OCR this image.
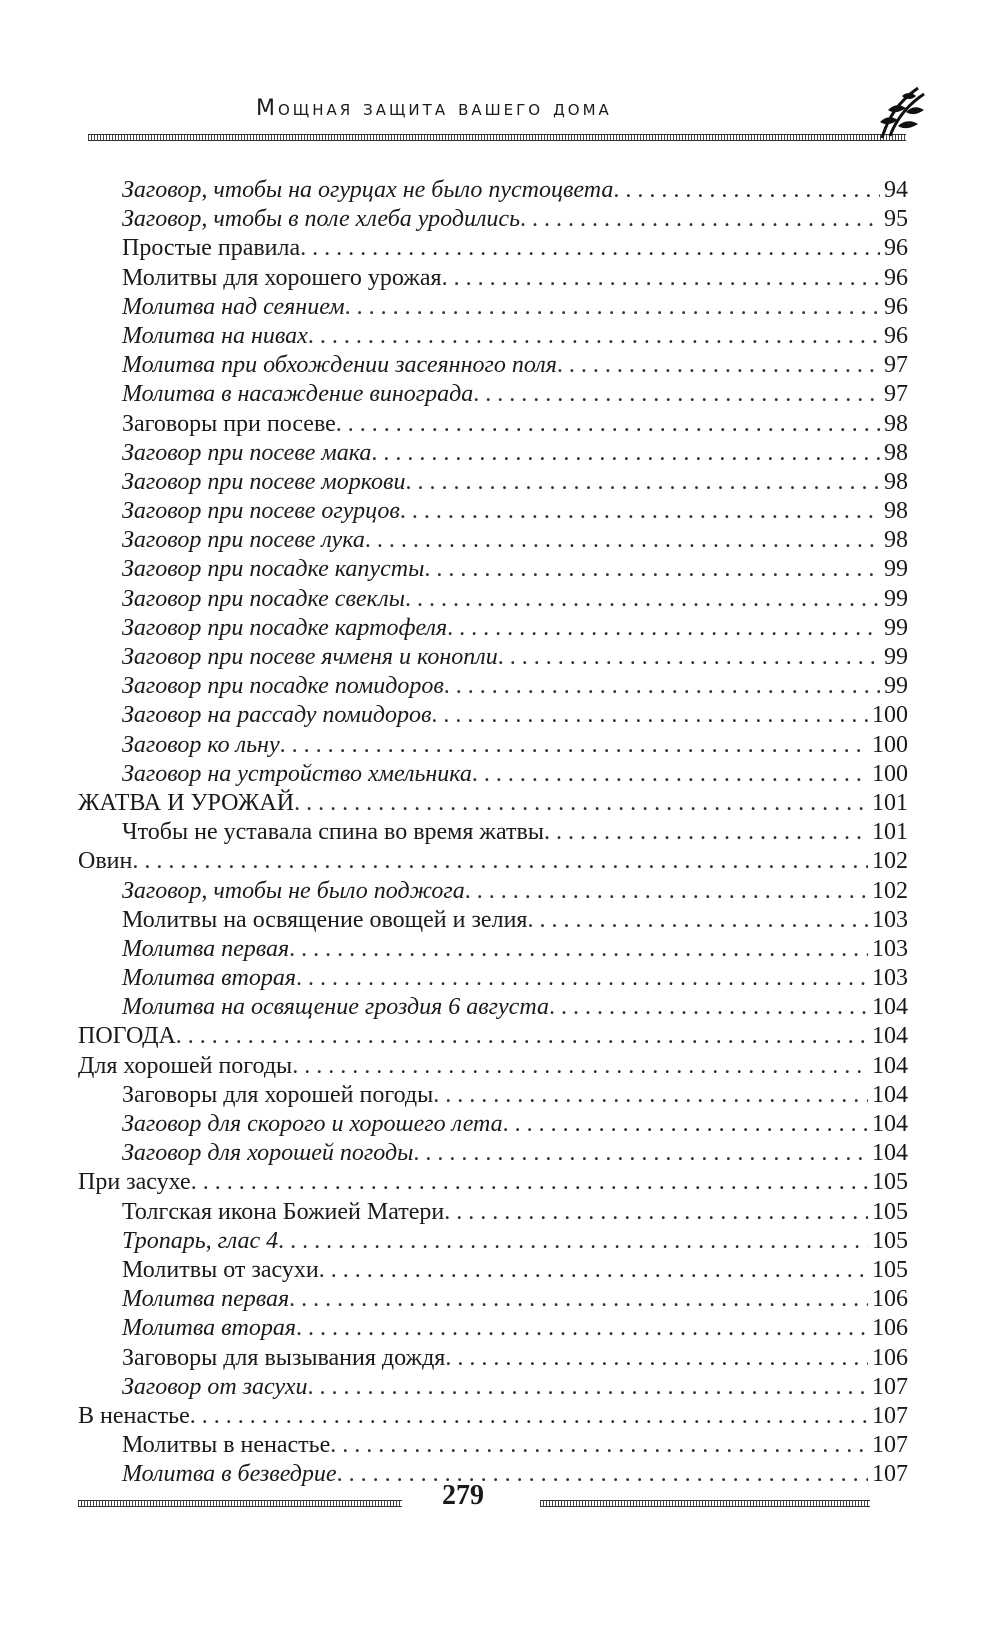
Мощная защита вашего дома
Заговор, чтобы на огурцах не было пустоцвета . . .	94
Заговор, чтобы в поле хлеба уродились . . .	95
Простые правила . . .	96
Молитвы для хорошего урожая . . .	96
Молитва над сеянием . . .	96
Молитва на нивах . . .	96
Молитва при обхождении засеянного поля . . .	97
Молитва в насаждение винограда . . .	97
Заговоры при посеве . . .	98
Заговор при посеве мака . . .	98
Заговор при посеве моркови . . .	98
Заговор при посеве огурцов . . .	98
Заговор при посеве лука . . .	98
Заговор при посадке капусты . . .	99
Заговор при посадке свеклы . . .	99
Заговор при посадке картофеля . . .	99
Заговор при посеве ячменя и конопли . . .	99
Заговор при посадке помидоров . . .	99
Заговор на рассаду помидоров . . .	100
Заговор ко льну . . .	100
Заговор на устройство хмельника . . .	100
ЖАТВА И УРОЖАЙ . . .	101
Чтобы не уставала спина во время жатвы . . .	101
Овин . . .	102
Заговор, чтобы не было поджога . . .	102
Молитвы на освящение овощей и зелия . . .	103
Молитва первая . . .	103
Молитва вторая . . .	103
Молитва на освящение гроздия 6 августа . . .	104
ПОГОДА . . .	104
Для хорошей погоды . . .	104
Заговоры для хорошей погоды . . .	104
Заговор для скорого и хорошего лета . . .	104
Заговор для хорошей погоды . . .	104
При засухе . . .	105
Толгская икона Божией Матери . . .	105
Тропарь, глас 4 . . .	105
Молитвы от засухи . . .	105
Молитва первая . . .	106
Молитва вторая . . .	106
Заговоры для вызывания дождя . . .	106
Заговор от засухи . . .	107
В ненастье . . .	107
Молитвы в ненастье . . .	107
Молитва в безведрие . . .	107
279
